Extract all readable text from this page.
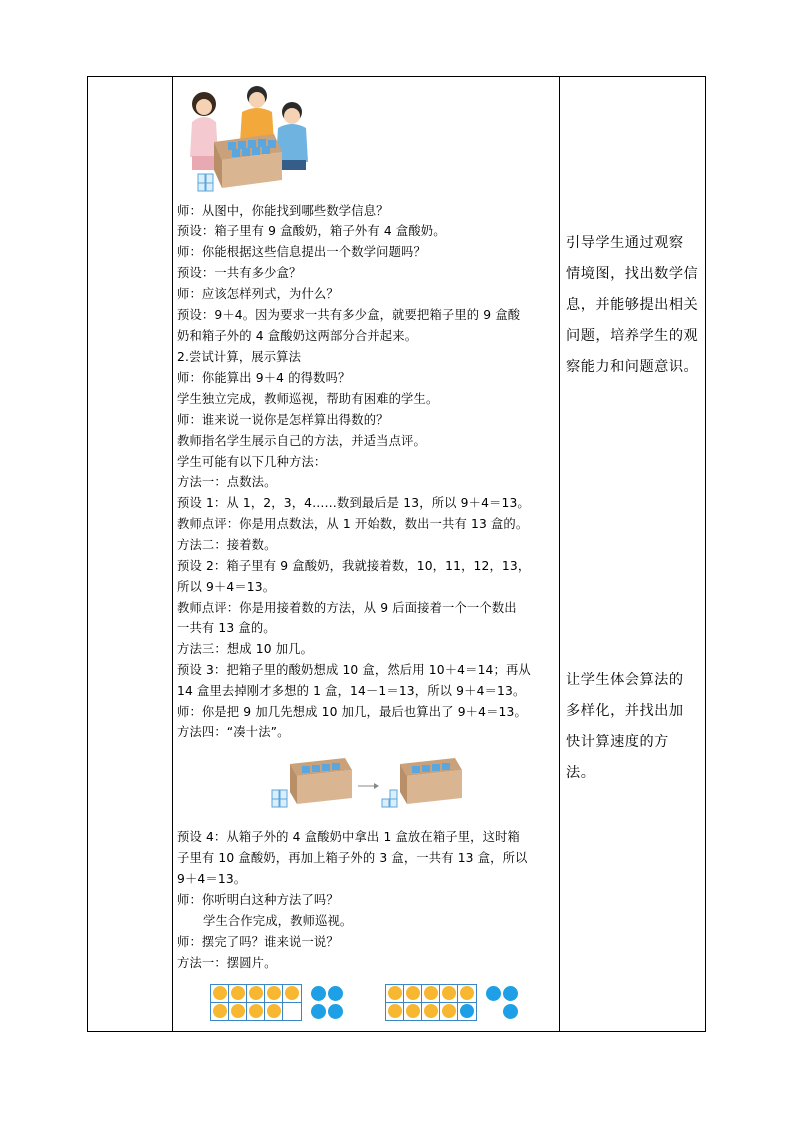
师：从图中，你能找到哪些数学信息？
预设：箱子里有 9 盒酸奶，箱子外有 4 盒酸奶。
师：你能根据这些信息提出一个数学问题吗？
预设：一共有多少盒？
师：应该怎样列式，为什么？
预设：9＋4。因为要求一共有多少盒，就要把箱子里的 9 盒酸
奶和箱子外的 4 盒酸奶这两部分合并起来。
2.尝试计算，展示算法
师：你能算出 9＋4 的得数吗？
学生独立完成，教师巡视，帮助有困难的学生。
师：谁来说一说你是怎样算出得数的？
教师指名学生展示自己的方法，并适当点评。
学生可能有以下几种方法：
方法一：点数法。
预设 1：从 1，2，3，4……数到最后是 13，所以 9＋4＝13。
教师点评：你是用点数法，从 1 开始数，数出一共有 13 盒的。
方法二：接着数。
预设 2：箱子里有 9 盒酸奶，我就接着数，10，11，12，13，
所以 9＋4＝13。
教师点评：你是用接着数的方法，从 9 后面接着一个一个数出
一共有 13 盒的。
方法三：想成 10 加几。
预设 3：把箱子里的酸奶想成 10 盒，然后用 10＋4＝14；再从
14 盒里去掉刚才多想的 1 盒，14－1＝13，所以 9＋4＝13。
师：你是把 9 加几先想成 10 加几，最后也算出了 9＋4＝13。
方法四：“凑十法”。
预设 4：从箱子外的 4 盒酸奶中拿出 1 盒放在箱子里，这时箱
子里有 10 盒酸奶，再加上箱子外的 3 盒，一共有 13 盒，所以
9＋4＝13。
师：你听明白这种方法了吗？
学生合作完成，教师巡视。
师：摆完了吗？谁来说一说？
方法一：摆圆片。
引导学生通过观察
情境图，找出数学信
息，并能够提出相关
问题，培养学生的观
察能力和问题意识。
让学生体会算法的
多样化，并找出加
快计算速度的方
法。
